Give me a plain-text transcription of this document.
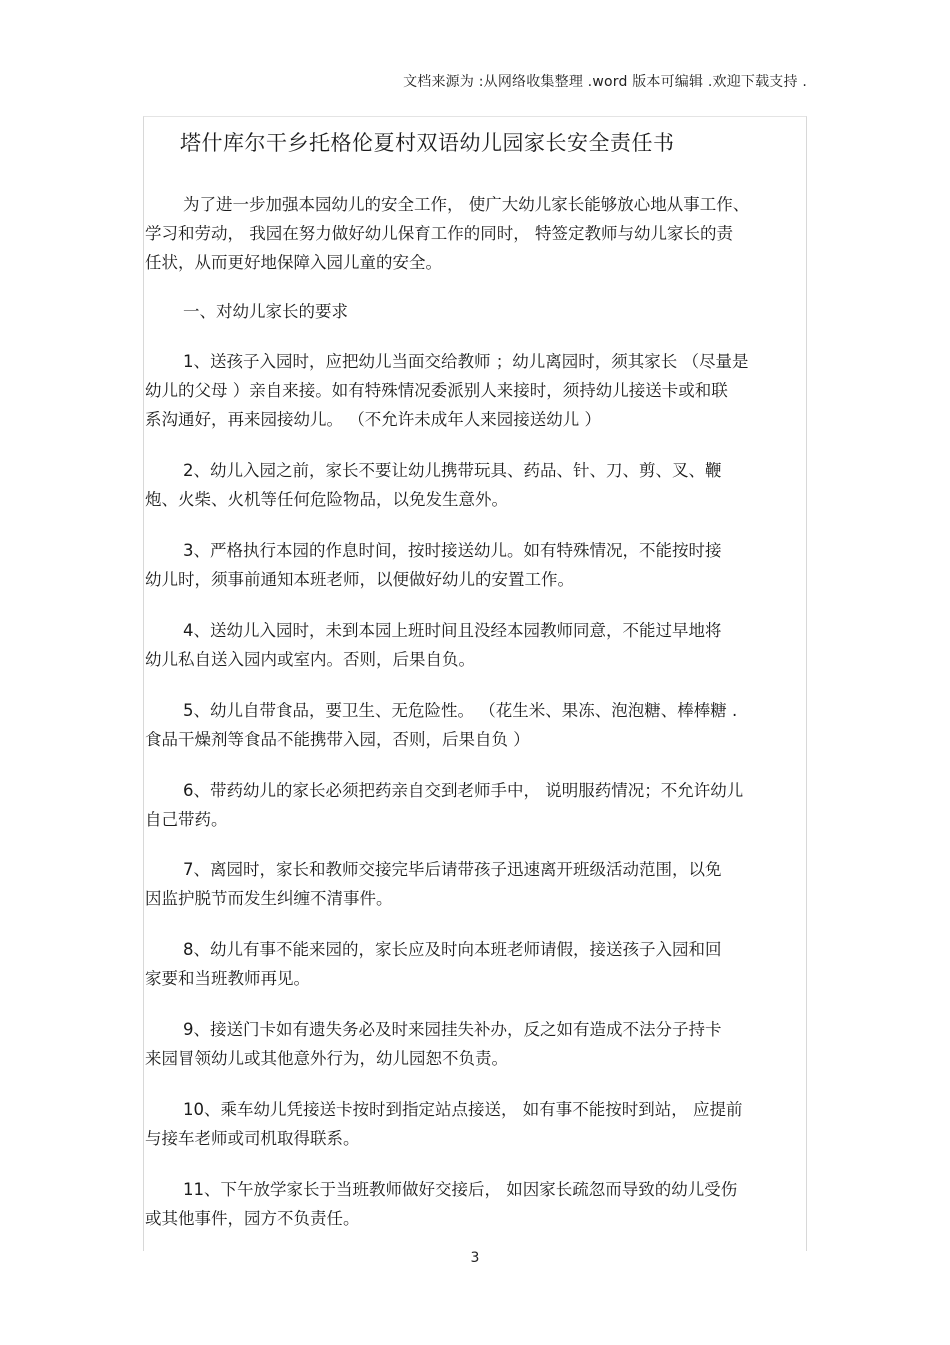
文档来源为 :从网络收集整理 .word 版本可编辑 .欢迎下载支持 .
塔什库尔干乡托格伦夏村双语幼儿园家长安全责任书
为了进一步加强本园幼儿的安全工作， 使广大幼儿家长能够放心地从事工作、
学习和劳动， 我园在努力做好幼儿保育工作的同时， 特签定教师与幼儿家长的责
任状，从而更好地保障入园儿童的安全。
一、对幼儿家长的要求
1、送孩子入园时，应把幼儿当面交给教师 ；幼儿离园时，须其家长 （尽量是
幼儿的父母 ）亲自来接。如有特殊情况委派别人来接时，须持幼儿接送卡或和联
系沟通好，再来园接幼儿。 （不允许未成年人来园接送幼儿 ）
2、幼儿入园之前，家长不要让幼儿携带玩具、药品、针、刀、剪、叉、鞭
炮、火柴、火机等任何危险物品，以免发生意外。
3、严格执行本园的作息时间，按时接送幼儿。如有特殊情况，不能按时接
幼儿时，须事前通知本班老师，以便做好幼儿的安置工作。
4、送幼儿入园时，未到本园上班时间且没经本园教师同意，不能过早地将
幼儿私自送入园内或室内。否则，后果自负。
5、幼儿自带食品，要卫生、无危险性。 （花生米、果冻、泡泡糖、棒棒糖 .
食品干燥剂等食品不能携带入园，否则，后果自负 ）
6、带药幼儿的家长必须把药亲自交到老师手中， 说明服药情况；不允许幼儿
自己带药。
7、离园时，家长和教师交接完毕后请带孩子迅速离开班级活动范围，以免
因监护脱节而发生纠缠不清事件。
8、幼儿有事不能来园的，家长应及时向本班老师请假，接送孩子入园和回
家要和当班教师再见。
9、接送门卡如有遗失务必及时来园挂失补办，反之如有造成不法分子持卡
来园冒领幼儿或其他意外行为，幼儿园恕不负责。
10、乘车幼儿凭接送卡按时到指定站点接送， 如有事不能按时到站， 应提前
与接车老师或司机取得联系。
11、下午放学家长于当班教师做好交接后， 如因家长疏忽而导致的幼儿受伤
或其他事件，园方不负责任。
3
